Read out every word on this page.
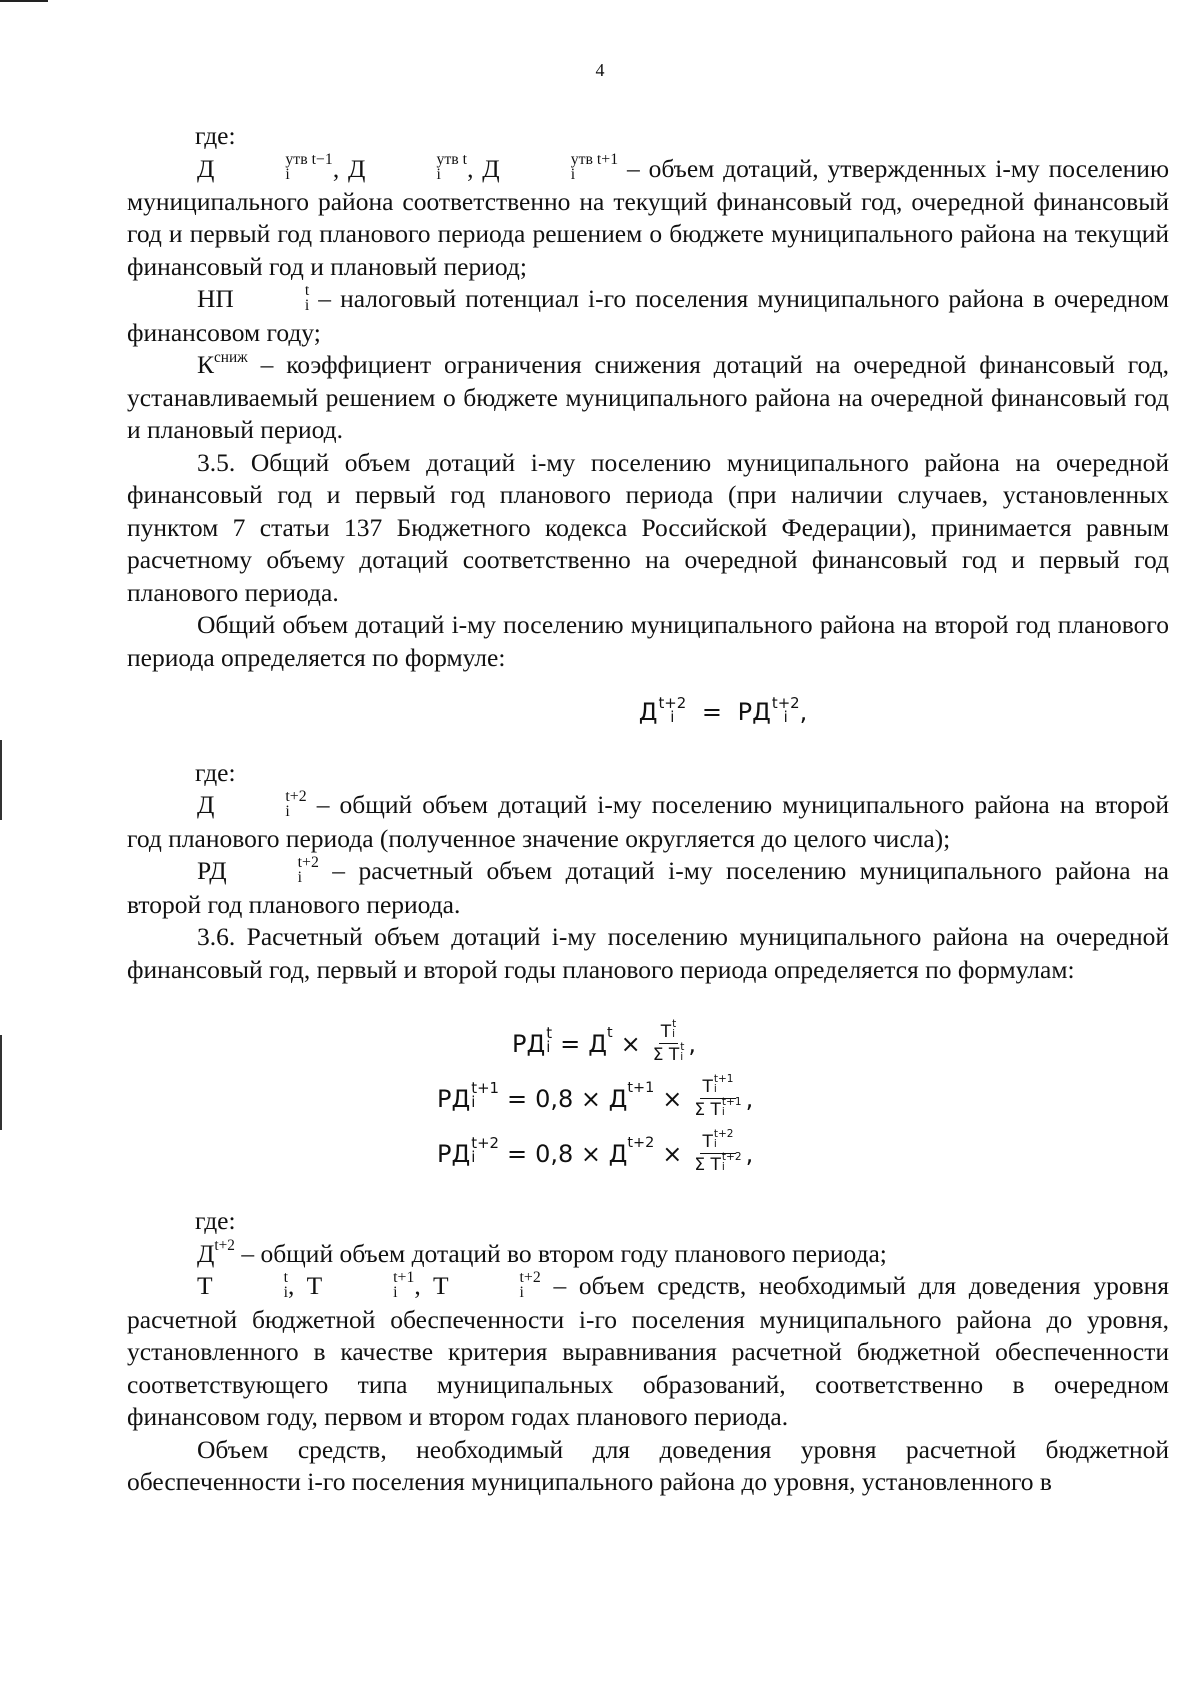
4

где:

Д	утв t−1
i	, Д	утв t
i	, Д	утв t+1
i	– объем дотаций, утвержденных i-му поселению муниципального района соответственно на текущий финансовый год, очередной финансовый год и первый год планового периода решением о бюджете муниципального района на текущий финансовый год и плановый период;

НП	t
i – налоговый потенциал i-го поселения муниципального района в очередном финансовом году;

$К^{сниж}$ – коэффициент ограничения снижения дотаций на очередной финансовый год, устанавливаемый решением о бюджете муниципального района на очередной финансовый год и плановый период.

3.5. Общий объем дотаций i-му поселению муниципального района на очередной финансовый год и первый год планового периода (при наличии случаев, установленных пунктом 7 статьи 137 Бюджетного кодекса Российской Федерации), принимается равным расчетному объему дотаций соответственно на очередной финансовый год и первый год планового периода.

Общий объем дотаций i-му поселению муниципального района на второй год планового периода определяется по формуле:

Д t+2
i	= РД t+2
i ,

где:

Д	t+2
i – общий объем дотаций i-му поселению муниципального района на второй год планового периода (полученное значение округляется до целого числа);

РД	t+2
i – расчетный объем дотаций i-му поселению муниципального района на второй год планового периода.

3.6. Расчетный объем дотаций i-му поселению муниципального района на очередной финансовый год, первый и второй годы планового периода определяется по формулам:

РД t
i = Д t × T t
i
Σ T t
i ,
РД t+1
i	= 0,8 ×
Д t+1 × T t+1
i
Σ T t+1
i ,
РД t+2
i	= 0,8 ×
Д t+2 × T t+2
i
Σ T t+2
i ,

где:

$Д^{t+2}$ – общий объем дотаций во втором году планового периода;

T	t
i , T	t+1
i , T	t+2
i – объем средств, необходимый для доведения уровня расчетной бюджетной обеспеченности i-го поселения муниципального района до уровня, установленного в качестве критерия выравнивания расчетной бюджетной обеспеченности соответствующего типа муниципальных образований, соответственно в очередном финансовом году, первом и втором годах планового периода.

Объем средств, необходимый для доведения уровня расчетной бюджетной обеспеченности i-го поселения муниципального района до уровня, установленного в
